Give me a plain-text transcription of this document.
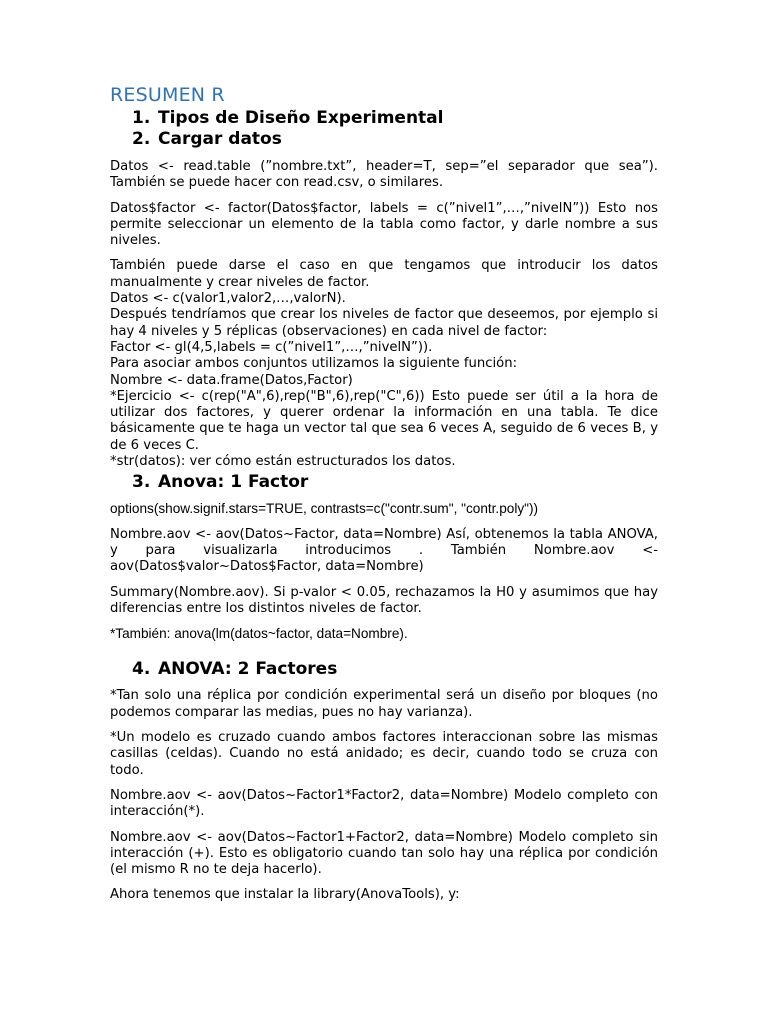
RESUMEN R
1. Tipos de Diseño Experimental
2. Cargar datos

Datos <- read.table (”nombre.txt”, header=T, sep=”el separador que sea”). También se puede hacer con read.csv, o similares.

Datos$factor <- factor(Datos$factor, labels = c(”nivel1”,…,”nivelN”)) Esto nos permite seleccionar un elemento de la tabla como factor, y darle nombre a sus niveles.

También puede darse el caso en que tengamos que introducir los datos manualmente y crear niveles de factor.

Datos <- c(valor1,valor2,…,valorN).

Después tendríamos que crear los niveles de factor que deseemos, por ejemplo si hay 4 niveles y 5 réplicas (observaciones) en cada nivel de factor:

Factor <- gl(4,5,labels = c(”nivel1”,…,”nivelN”)).

Para asociar ambos conjuntos utilizamos la siguiente función:

Nombre <- data.frame(Datos,Factor)

*Ejercicio <- c(rep("A",6),rep("B",6),rep("C",6)) Esto puede ser útil a la hora de utilizar dos factores, y querer ordenar la información en una tabla. Te dice básicamente que te haga un vector tal que sea 6 veces A, seguido de 6 veces B, y de 6 veces C.

*str(datos): ver cómo están estructurados los datos.

3. Anova: 1 Factor

options(show.signif.stars=TRUE, contrasts=c("contr.sum", "contr.poly"))

Nombre.aov <- aov(Datos~Factor, data=Nombre) Así, obtenemos la tabla ANOVA, y para visualizarla introducimos . También Nombre.aov <- aov(Datos$valor~Datos$Factor, data=Nombre)

Summary(Nombre.aov). Si p-valor < 0.05, rechazamos la H0 y asumimos que hay diferencias entre los distintos niveles de factor.

*También: anova(lm(datos~factor, data=Nombre).

4. ANOVA: 2 Factores

*Tan solo una réplica por condición experimental será un diseño por bloques (no podemos comparar las medias, pues no hay varianza).

*Un modelo es cruzado cuando ambos factores interaccionan sobre las mismas casillas (celdas). Cuando no está anidado; es decir, cuando todo se cruza con todo.

Nombre.aov <- aov(Datos~Factor1*Factor2, data=Nombre) Modelo completo con interacción(*).

Nombre.aov <- aov(Datos~Factor1+Factor2, data=Nombre) Modelo completo sin interacción (+). Esto es obligatorio cuando tan solo hay una réplica por condición (el mismo R no te deja hacerlo).

Ahora tenemos que instalar la library(AnovaTools), y:
